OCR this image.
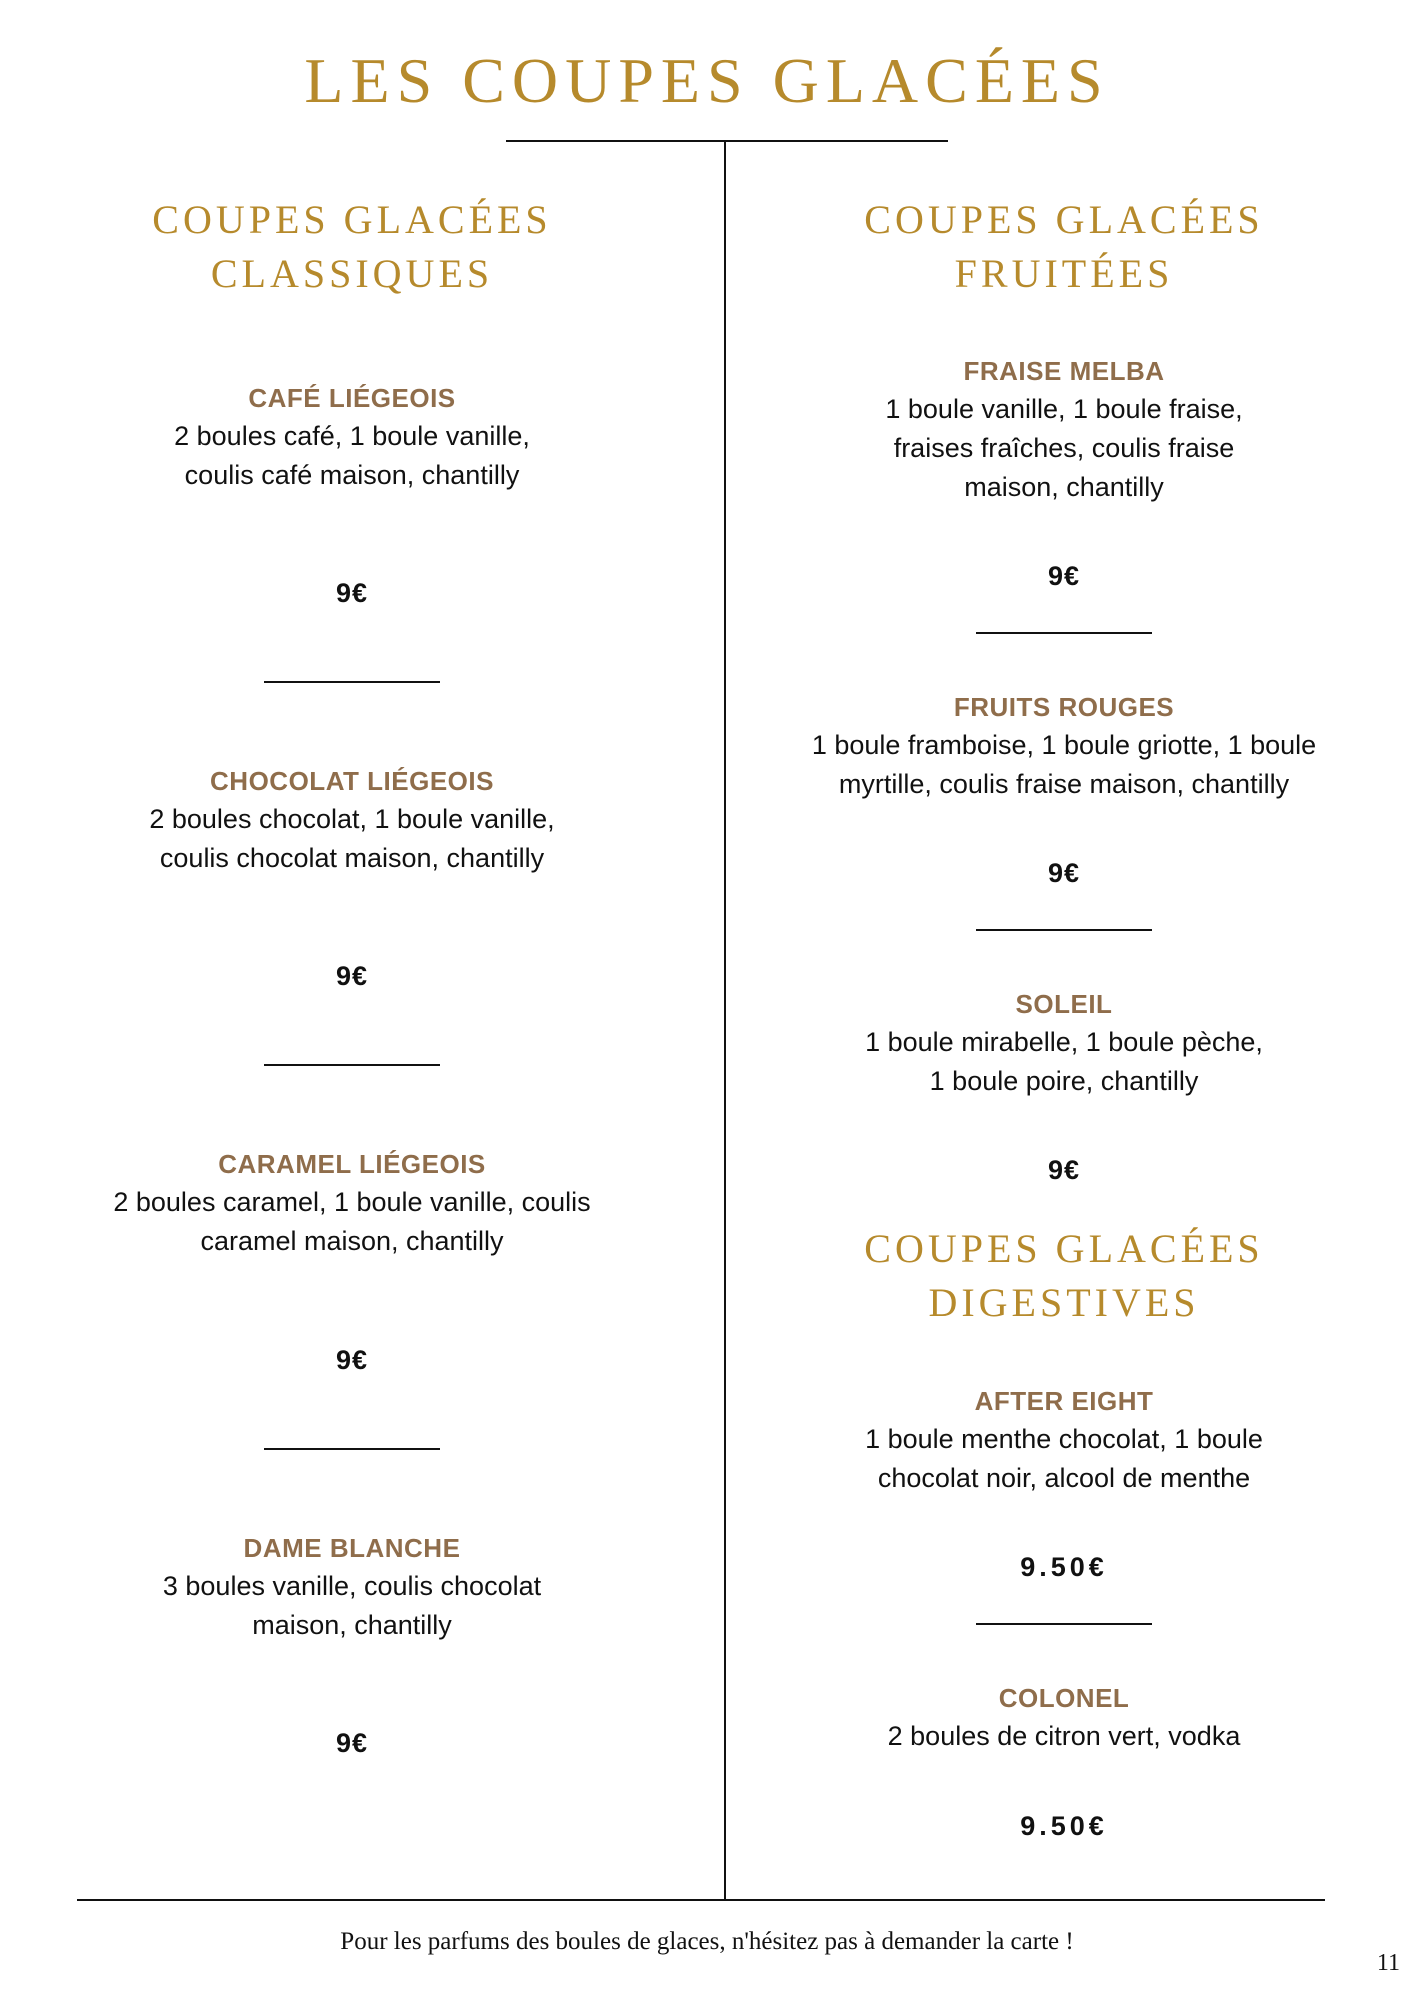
LES COUPES GLACÉES
COUPES GLACÉES
CLASSIQUES
CAFÉ LIÉGEOIS
2 boules café, 1 boule vanille,
coulis café maison, chantilly
9€
CHOCOLAT LIÉGEOIS
2 boules chocolat, 1 boule vanille,
coulis chocolat maison, chantilly
9€
CARAMEL LIÉGEOIS
2 boules caramel, 1 boule vanille, coulis
caramel maison, chantilly
9€
DAME BLANCHE
3 boules vanille, coulis chocolat
maison, chantilly
9€
COUPES GLACÉES
FRUITÉES
FRAISE MELBA
1 boule vanille, 1 boule fraise,
fraises fraîches, coulis fraise
maison, chantilly
9€
FRUITS ROUGES
1 boule framboise, 1 boule griotte, 1 boule
myrtille, coulis fraise maison, chantilly
9€
SOLEIL
1 boule mirabelle, 1 boule pèche,
1 boule poire, chantilly
9€
COUPES GLACÉES
DIGESTIVES
AFTER EIGHT
1 boule menthe chocolat, 1 boule
chocolat noir, alcool de menthe
9.50€
COLONEL
2 boules de citron vert, vodka
9.50€
Pour les parfums des boules de glaces, n'hésitez pas à demander la carte !
11
